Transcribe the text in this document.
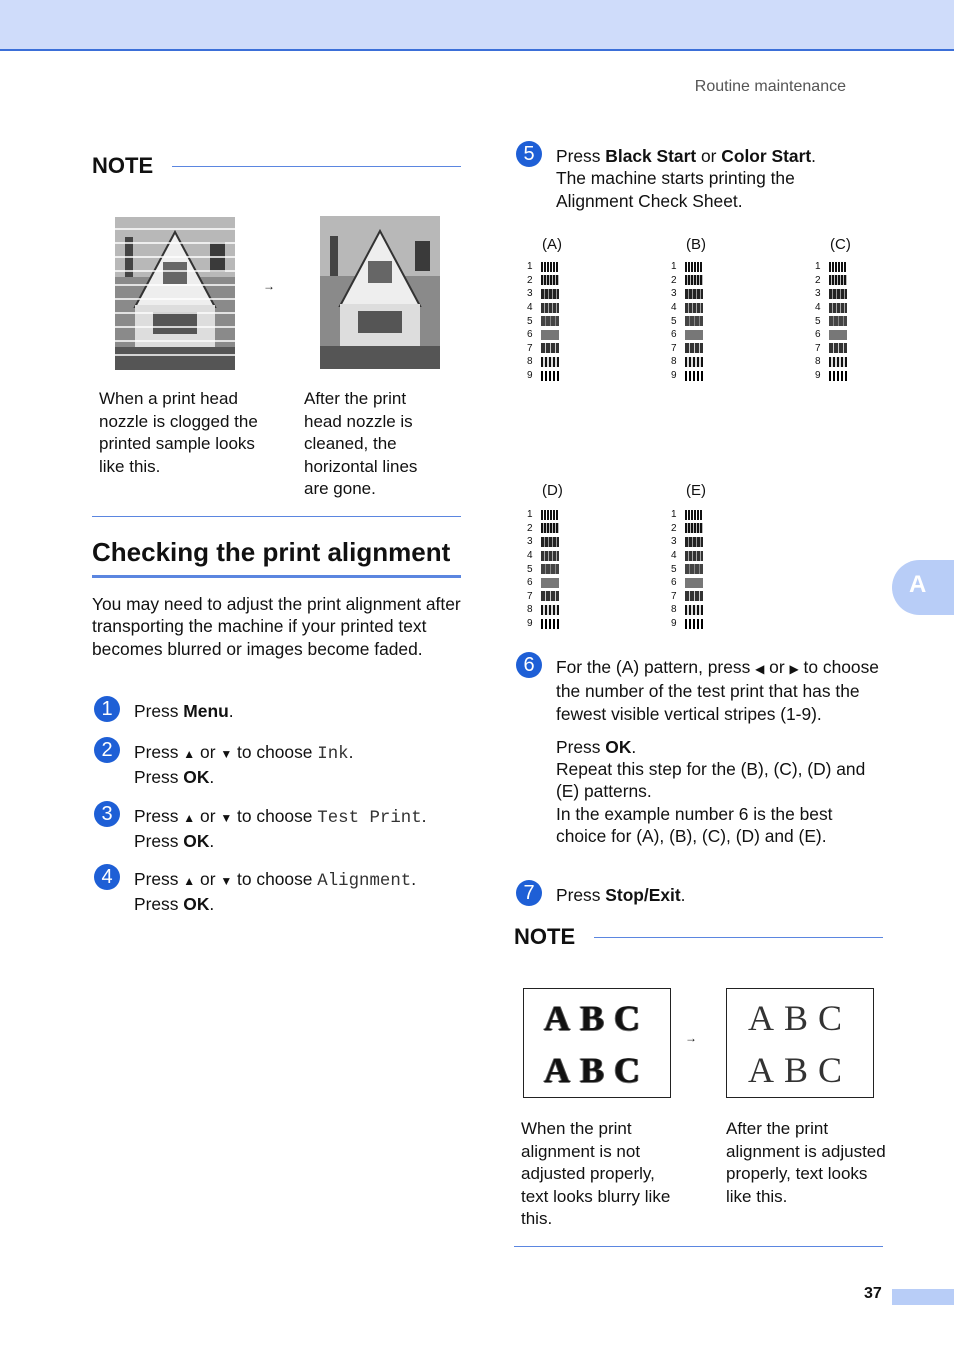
Routine maintenance
NOTE
→
When a print head nozzle is clogged the printed sample looks like this.
After the print head nozzle is cleaned, the horizontal lines are gone.
Checking the print alignment
You may need to adjust the print alignment after transporting the machine if your printed text becomes blurred or images become faded.
1	Press Menu.
2	Press ▲ or ▼ to choose Ink.
Press OK.
3	Press ▲ or ▼ to choose Test Print.
Press OK.
4	Press ▲ or ▼ to choose Alignment.
Press OK.
5	Press Black Start or Color Start.
The machine starts printing the
Alignment Check Sheet.
(A)	(B)	(C)
(D)	(E)
1
2
3
4
5
6
7
8
9
1
2
3
4
5
6
7
8
9
1
2
3
4
5
6
7
8
9
1
2
3
4
5
6
7
8
9
1
2
3
4
5
6
7
8
9
6	For the (A) pattern, press ◀ or ▶ to choose the number of the test print that has the fewest visible vertical stripes (1-9).
Press OK.
Repeat this step for the (B), (C), (D) and (E) patterns.
In the example number 6 is the best choice for (A), (B), (C), (D) and (E).
7	Press Stop/Exit.
NOTE
ABC
ABC
→	ABC
ABC
When the print alignment is not adjusted properly, text looks blurry like this.
After the print alignment is adjusted properly, text looks like this.
A
37
